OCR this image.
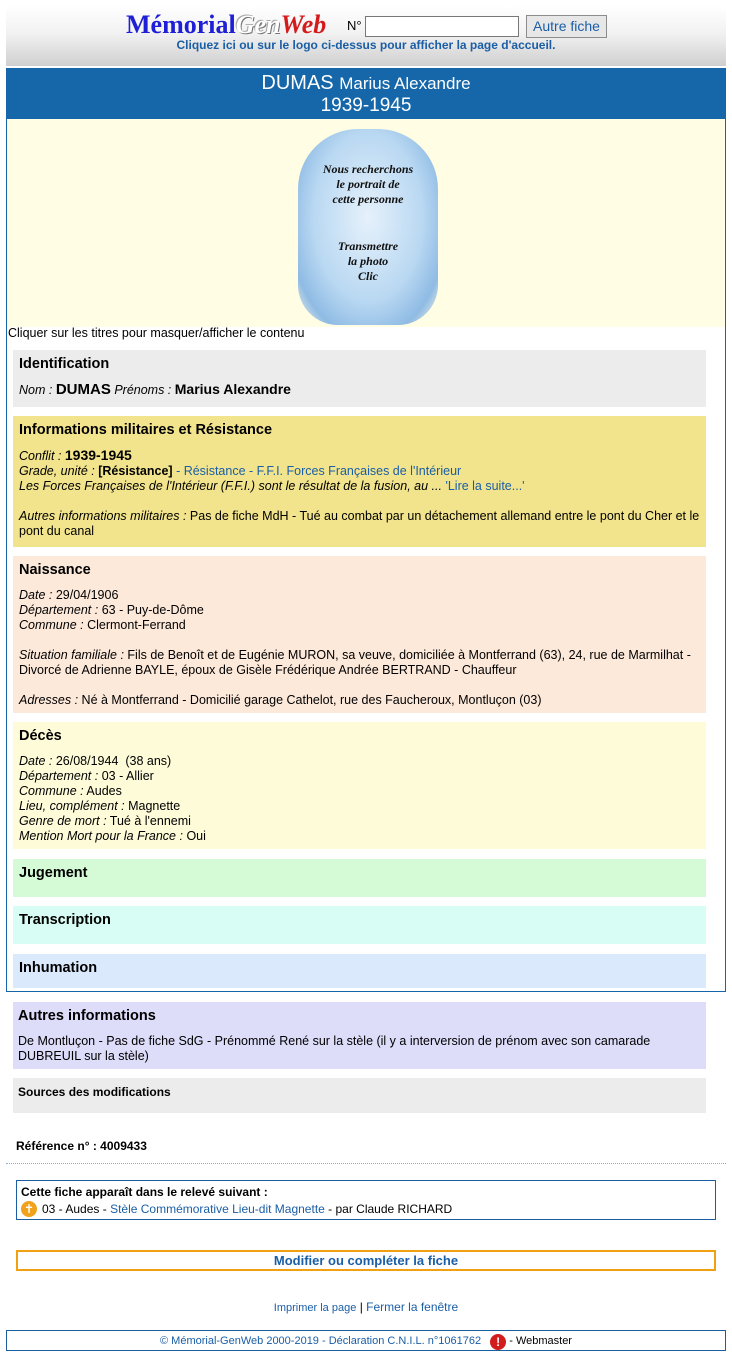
MémorialGenWeb N°	Autre fiche
Cliquez ici ou sur le logo ci-dessus pour afficher la page d'accueil.
DUMAS Marius Alexandre
1939-1945
Nous recherchons
le portrait de
cette personne
Transmettre
la photo
Clic
Cliquer sur les titres pour masquer/afficher le contenu
Identification
Nom : DUMAS Prénoms : Marius Alexandre
Informations militaires et Résistance
Conflit : 1939-1945
Grade, unité : [Résistance] - Résistance - F.F.I. Forces Françaises de l'Intérieur
Les Forces Françaises de l'Intérieur (F.F.I.) sont le résultat de la fusion, au ... 'Lire la suite...'
Autres informations militaires : Pas de fiche MdH - Tué au combat par un détachement allemand entre le pont du Cher et le pont du canal
Naissance
Date : 29/04/1906
Département : 63 - Puy-de-Dôme
Commune : Clermont-Ferrand
Situation familiale : Fils de Benoît et de Eugénie MURON, sa veuve, domiciliée à Montferrand (63), 24, rue de Marmilhat - Divorcé de Adrienne BAYLE, époux de Gisèle Frédérique Andrée BERTRAND - Chauffeur
Adresses : Né à Montferrand - Domicilié garage Cathelot, rue des Faucheroux, Montluçon (03)
Décès
Date : 26/08/1944  (38 ans)
Département : 03 - Allier
Commune : Audes
Lieu, complément : Magnette
Genre de mort : Tué à l'ennemi
Mention Mort pour la France : Oui
Jugement
Transcription
Inhumation
Autres informations
De Montluçon - Pas de fiche SdG - Prénommé René sur la stèle (il y a interversion de prénom avec son camarade DUBREUIL sur la stèle)
Sources des modifications
Référence n° : 4009433
Cette fiche apparaît dans le relevé suivant :
✝ 03 - Audes -
Stèle Commémorative Lieu-dit Magnette
- par Claude RICHARD
Modifier ou compléter la fiche
Imprimer la page | Fermer la fenêtre
© Mémorial-GenWeb 2000-2019 - Déclaration C.N.I.L. n°1061762 ! - Webmaster
